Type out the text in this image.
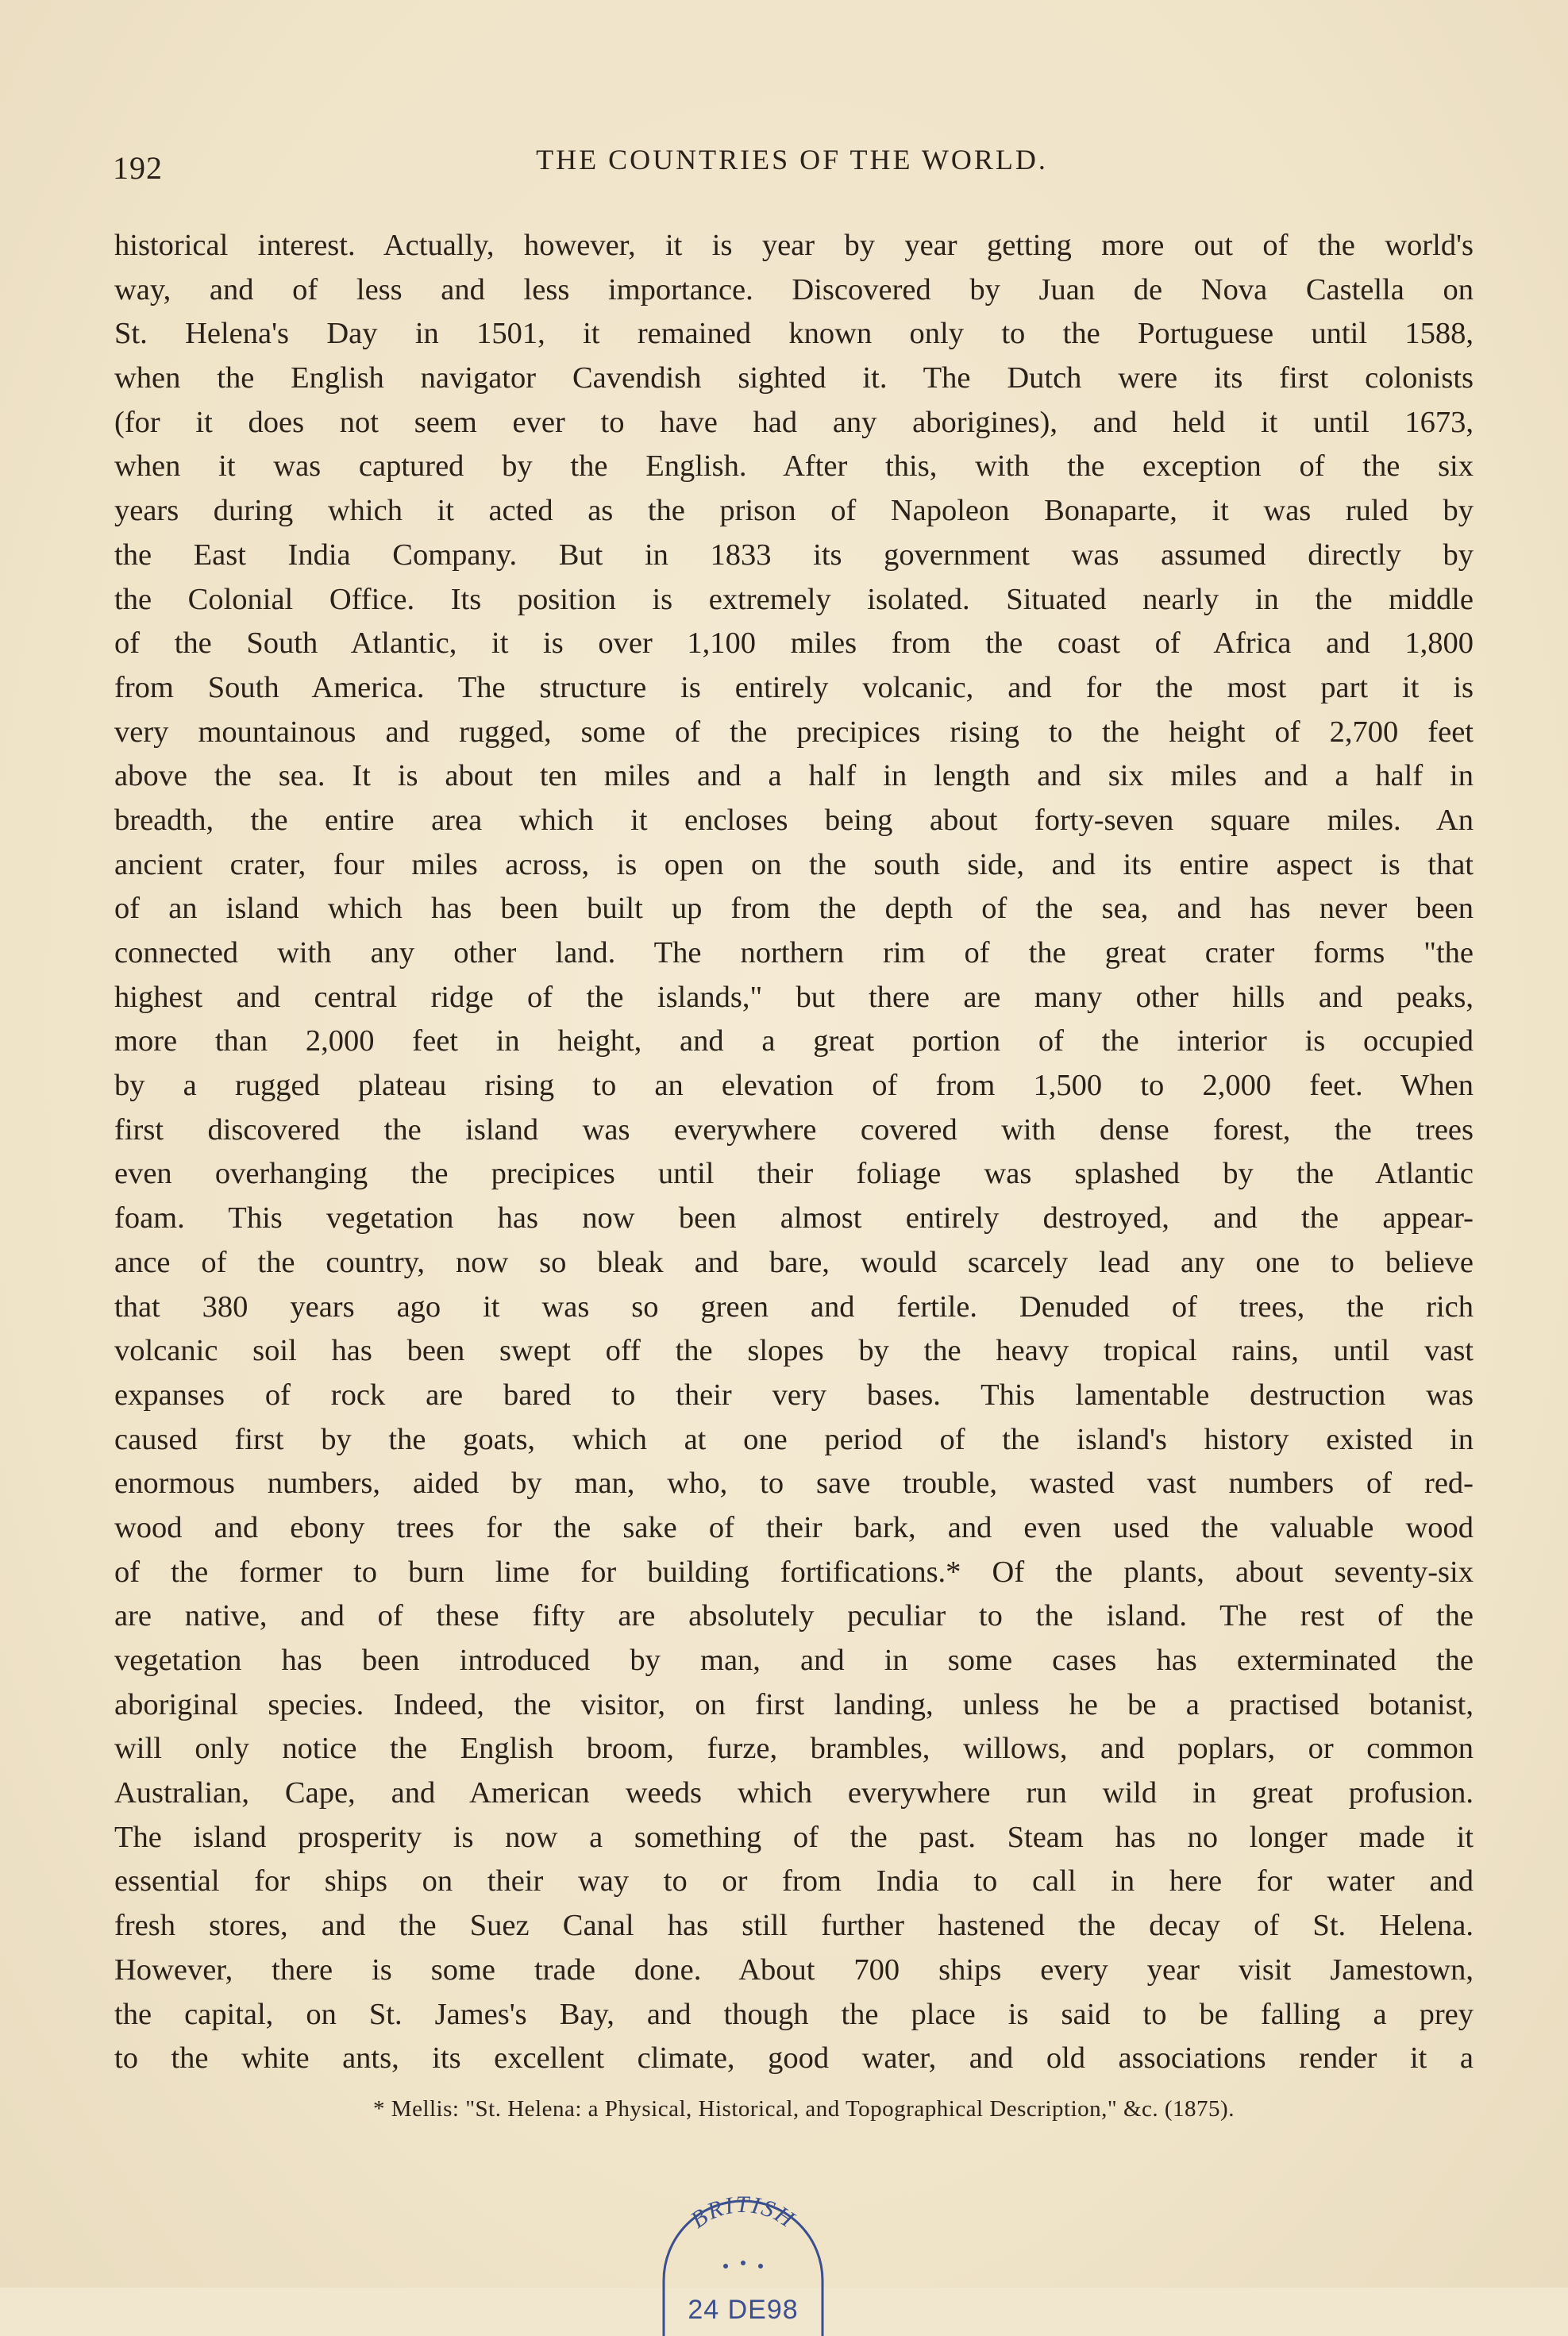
192	THE COUNTRIES OF THE WORLD.
historical interest. Actually, however, it is year by year getting more out of the world's
way, and of less and less importance. Discovered by Juan de Nova Castella on
St. Helena's Day in 1501, it remained known only to the Portuguese until 1588,
when the English navigator Cavendish sighted it. The Dutch were its first colonists
(for it does not seem ever to have had any aborigines), and held it until 1673,
when it was captured by the English. After this, with the exception of the six
years during which it acted as the prison of Napoleon Bonaparte, it was ruled by
the East India Company. But in 1833 its government was assumed directly by
the Colonial Office. Its position is extremely isolated. Situated nearly in the middle
of the South Atlantic, it is over 1,100 miles from the coast of Africa and 1,800
from South America. The structure is entirely volcanic, and for the most part it is
very mountainous and rugged, some of the precipices rising to the height of 2,700 feet
above the sea. It is about ten miles and a half in length and six miles and a half in
breadth, the entire area which it encloses being about forty-seven square miles. An
ancient crater, four miles across, is open on the south side, and its entire aspect is that
of an island which has been built up from the depth of the sea, and has never been
connected with any other land. The northern rim of the great crater forms "the
highest and central ridge of the islands," but there are many other hills and peaks,
more than 2,000 feet in height, and a great portion of the interior is occupied
by a rugged plateau rising to an elevation of from 1,500 to 2,000 feet. When
first discovered the island was everywhere covered with dense forest, the trees
even overhanging the precipices until their foliage was splashed by the Atlantic
foam. This vegetation has now been almost entirely destroyed, and the appear-
ance of the country, now so bleak and bare, would scarcely lead any one to believe
that 380 years ago it was so green and fertile. Denuded of trees, the rich
volcanic soil has been swept off the slopes by the heavy tropical rains, until vast
expanses of rock are bared to their very bases. This lamentable destruction was
caused first by the goats, which at one period of the island's history existed in
enormous numbers, aided by man, who, to save trouble, wasted vast numbers of red-
wood and ebony trees for the sake of their bark, and even used the valuable wood
of the former to burn lime for building fortifications.* Of the plants, about seventy-six
are native, and of these fifty are absolutely peculiar to the island. The rest of the
vegetation has been introduced by man, and in some cases has exterminated the
aboriginal species. Indeed, the visitor, on first landing, unless he be a practised botanist,
will only notice the English broom, furze, brambles, willows, and poplars, or common
Australian, Cape, and American weeds which everywhere run wild in great profusion.
The island prosperity is now a something of the past. Steam has no longer made it
essential for ships on their way to or from India to call in here for water and
fresh stores, and the Suez Canal has still further hastened the decay of St. Helena.
However, there is some trade done. About 700 ships every year visit Jamestown,
the capital, on St. James's Bay, and though the place is said to be falling a prey
to the white ants, its excellent climate, good water, and old associations render it a
* Mellis: "St. Helena: a Physical, Historical, and Topographical Description," &c. (1875).
BRITISH
24 DE98
